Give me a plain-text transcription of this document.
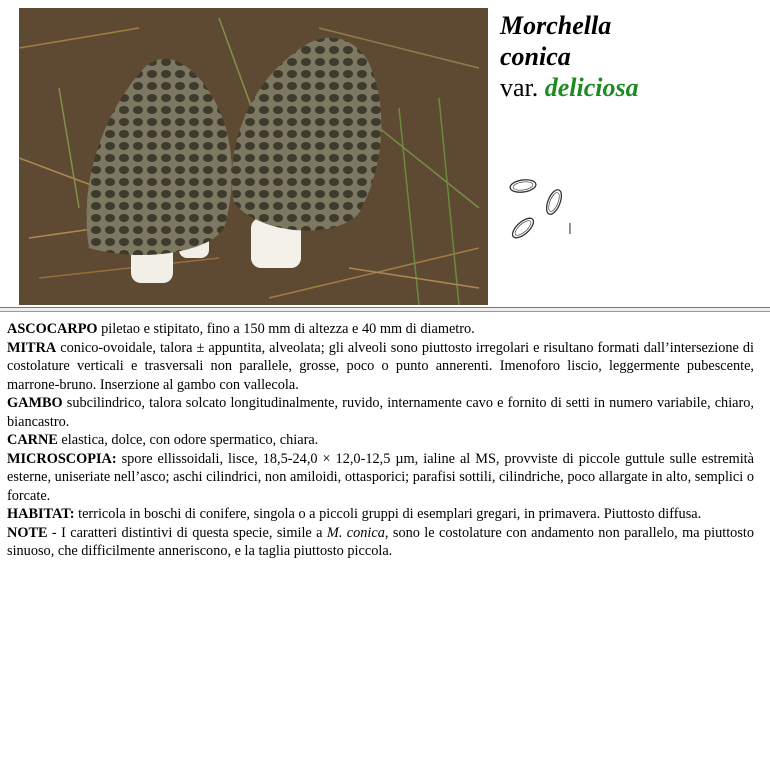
Morchella
conica
var. deliciosa
l

ASCOCARPO piletao e stipitato, fino a 150 mm di altezza e 40 mm di diametro.

MITRA conico-ovoidale, talora ± appuntita, alveolata; gli alveoli sono piuttosto irregolari e risultano formati dall’intersezione di costolature verticali e trasversali non parallele, grosse, poco o punto annerenti. Imenoforo liscio, leggermente pubescente, marrone-bruno. Inserzione al gambo con vallecola.

GAMBO subcilindrico, talora solcato longitudinalmente, ruvido, internamente cavo e fornito di setti in numero variabile, chiaro, biancastro.

CARNE elastica, dolce, con odore spermatico, chiara.

MICROSCOPIA: spore ellissoidali, lisce, 18,5-24,0 × 12,0-12,5 µm, ialine al MS, provviste di piccole guttule sulle estremità esterne, uniseriate nell’asco; aschi cilindrici, non amiloidi, ottasporici; parafisi sottili, cilindriche, poco allargate in alto, semplici o forcate.

HABITAT: terricola in boschi di conifere, singola o a piccoli gruppi di esemplari gregari, in primavera. Piuttosto diffusa.

NOTE - I caratteri distintivi di questa specie, simile a M. conica, sono le costolature con andamento non parallelo, ma piuttosto sinuoso, che difficilmente anneriscono, e la taglia piuttosto piccola.
